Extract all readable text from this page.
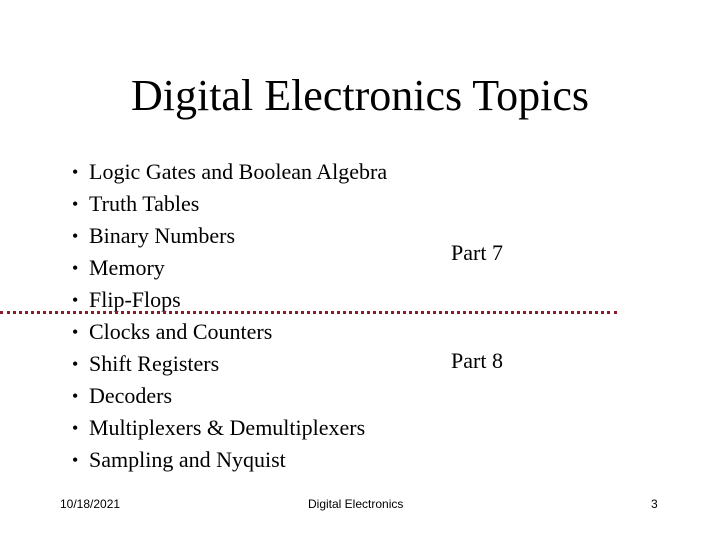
Digital Electronics Topics
• Logic Gates and Boolean Algebra
• Truth Tables
• Binary Numbers
• Memory
• Flip-Flops
• Clocks and Counters
• Shift Registers
• Decoders
• Multiplexers & Demultiplexers
• Sampling and Nyquist
Part 7
Part 8
10/18/2021	Digital Electronics	3
